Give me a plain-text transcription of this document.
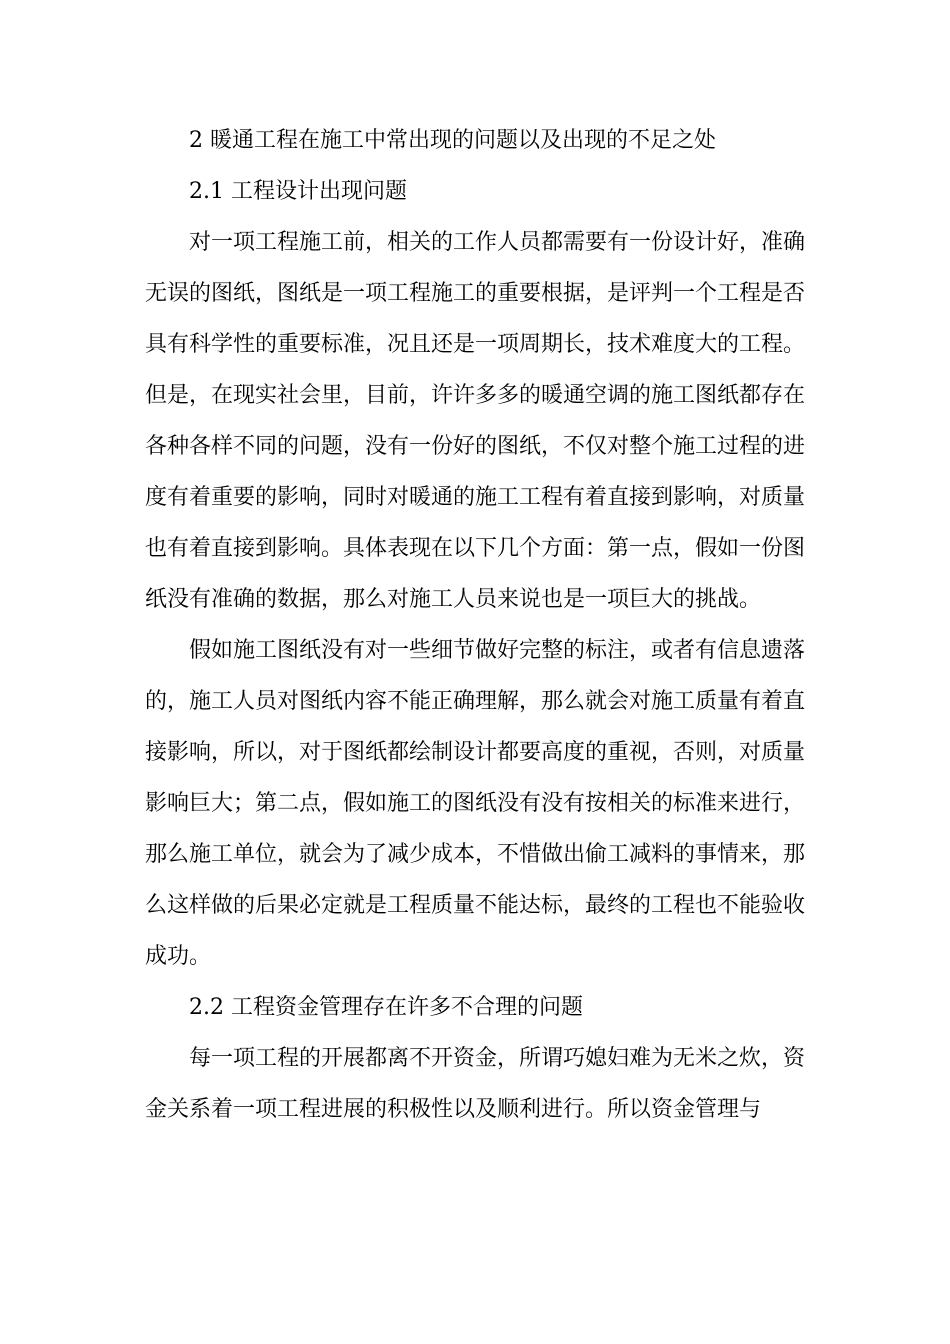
2 暖通工程在施工中常出现的问题以及出现的不足之处

2.1 工程设计出现问题

对一项工程施工前，相关的工作人员都需要有一份设计好，准确无误的图纸，图纸是一项工程施工的重要根据，是评判一个工程是否具有科学性的重要标准，况且还是一项周期长，技术难度大的工程。但是，在现实社会里，目前，许许多多的暖通空调的施工图纸都存在各种各样不同的问题，没有一份好的图纸，不仅对整个施工过程的进度有着重要的影响，同时对暖通的施工工程有着直接到影响，对质量也有着直接到影响。具体表现在以下几个方面：第一点，假如一份图纸没有准确的数据，那么对施工人员来说也是一项巨大的挑战。

假如施工图纸没有对一些细节做好完整的标注，或者有信息遗落的，施工人员对图纸内容不能正确理解，那么就会对施工质量有着直接影响，所以，对于图纸都绘制设计都要高度的重视，否则，对质量影响巨大；第二点，假如施工的图纸没有没有按相关的标准来进行，那么施工单位，就会为了减少成本，不惜做出偷工减料的事情来，那么这样做的后果必定就是工程质量不能达标，最终的工程也不能验收成功。

2.2 工程资金管理存在许多不合理的问题

每一项工程的开展都离不开资金，所谓巧媳妇难为无米之炊，资金关系着一项工程进展的积极性以及顺利进行。所以资金管理与
